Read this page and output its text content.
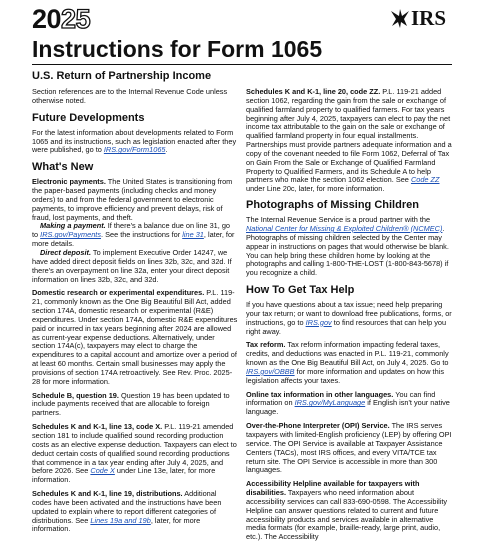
2025	IRS
Instructions for Form 1065
U.S. Return of Partnership Income

Section references are to the Internal Revenue Code unless otherwise noted.

Future Developments

For the latest information about developments related to Form 1065 and its instructions, such as legislation enacted after they were published, go to IRS.gov/Form1065.

What's New

Electronic payments. The United States is transitioning from the paper-based payments (including checks and money orders) to and from the federal government to electronic payments, to improve efficiency and prevent delays, risk of fraud, lost payments, and theft.

Making a payment. If there's a balance due on line 31, go to IRS.gov/Payments. See the instructions for line 31, later, for more details.

Direct deposit. To implement Executive Order 14247, we have added direct deposit fields on lines 32b, 32c, and 32d. If there's an overpayment on line 32a, enter your direct deposit information on lines 32b, 32c, and 32d.

Domestic research or experimental expenditures. P.L. 119-21, commonly known as the One Big Beautiful Bill Act, added section 174A, domestic research or experimental (R&E) expenditures. Under section 174A, domestic R&E expenditures paid or incurred in tax years beginning after 2024 are allowed as current-year expense deductions. Alternatively, under section 174A(c), taxpayers may elect to charge the expenditures to a capital account and amortize over a period of at least 60 months. Certain small businesses may apply the provisions of section 174A retroactively. See Rev. Proc. 2025-28 for more information.

Schedule B, question 19. Question 19 has been updated to include payments received that are allocable to foreign partners.

Schedules K and K-1, line 13, code X. P.L. 119-21 amended section 181 to include qualified sound recording production costs as an elective expense deduction. Taxpayers can elect to deduct certain costs of qualified sound recording productions that commence in a tax year ending after July 4, 2025, and before 2026. See Code X under Line 13e, later, for more information.

Schedules K and K-1, line 19, distributions. Additional codes have been activated and the instructions have been updated to explain where to report different categories of distributions. See Lines 19a and 19b, later, for more information.

Schedules K and K-1, line 20, code ZZ. P.L. 119-21 added section 1062, regarding the gain from the sale or exchange of qualified farmland property to qualified farmers. For tax years beginning after July 4, 2025, taxpayers can elect to pay the net income tax attributable to the gain on the sale or exchange of qualified farmland property in four equal installments. Partnerships must provide partners adequate information and a copy of the covenant needed to file Form 1062, Deferral of Tax on Gain From the Sale or Exchange of Qualified Farmland Property to Qualified Farmers, and its Schedule A to help partners who make the section 1062 election. See Code ZZ under Line 20c, later, for more information.

Photographs of Missing Children

The Internal Revenue Service is a proud partner with the National Center for Missing & Exploited Children® (NCMEC). Photographs of missing children selected by the Center may appear in instructions on pages that would otherwise be blank. You can help bring these children home by looking at the photographs and calling 1-800-THE-LOST (1-800-843-5678) if you recognize a child.

How To Get Tax Help

If you have questions about a tax issue; need help preparing your tax return; or want to download free publications, forms, or instructions, go to IRS.gov to find resources that can help you right away.

Tax reform. Tax reform information impacting federal taxes, credits, and deductions was enacted in P.L. 119-21, commonly known as the One Big Beautiful Bill Act, on July 4, 2025. Go to IRS.gov/OBBB for more information and updates on how this legislation affects your taxes.

Online tax information in other languages. You can find information on IRS.gov/MyLanguage if English isn't your native language.

Over-the-Phone Interpreter (OPI) Service. The IRS serves taxpayers with limited-English proficiency (LEP) by offering OPI service. The OPI Service is available at Taxpayer Assistance Centers (TACs), most IRS offices, and every VITA/TCE tax return site. The OPI Service is accessible in more than 300 languages.

Accessibility Helpline available for taxpayers with disabilities. Taxpayers who need information about accessibility services can call 833-690-0598. The Accessibility Helpline can answer questions related to current and future accessibility products and services available in alternative media formats (for example, braille-ready, large print, audio, etc.). The Accessibility
